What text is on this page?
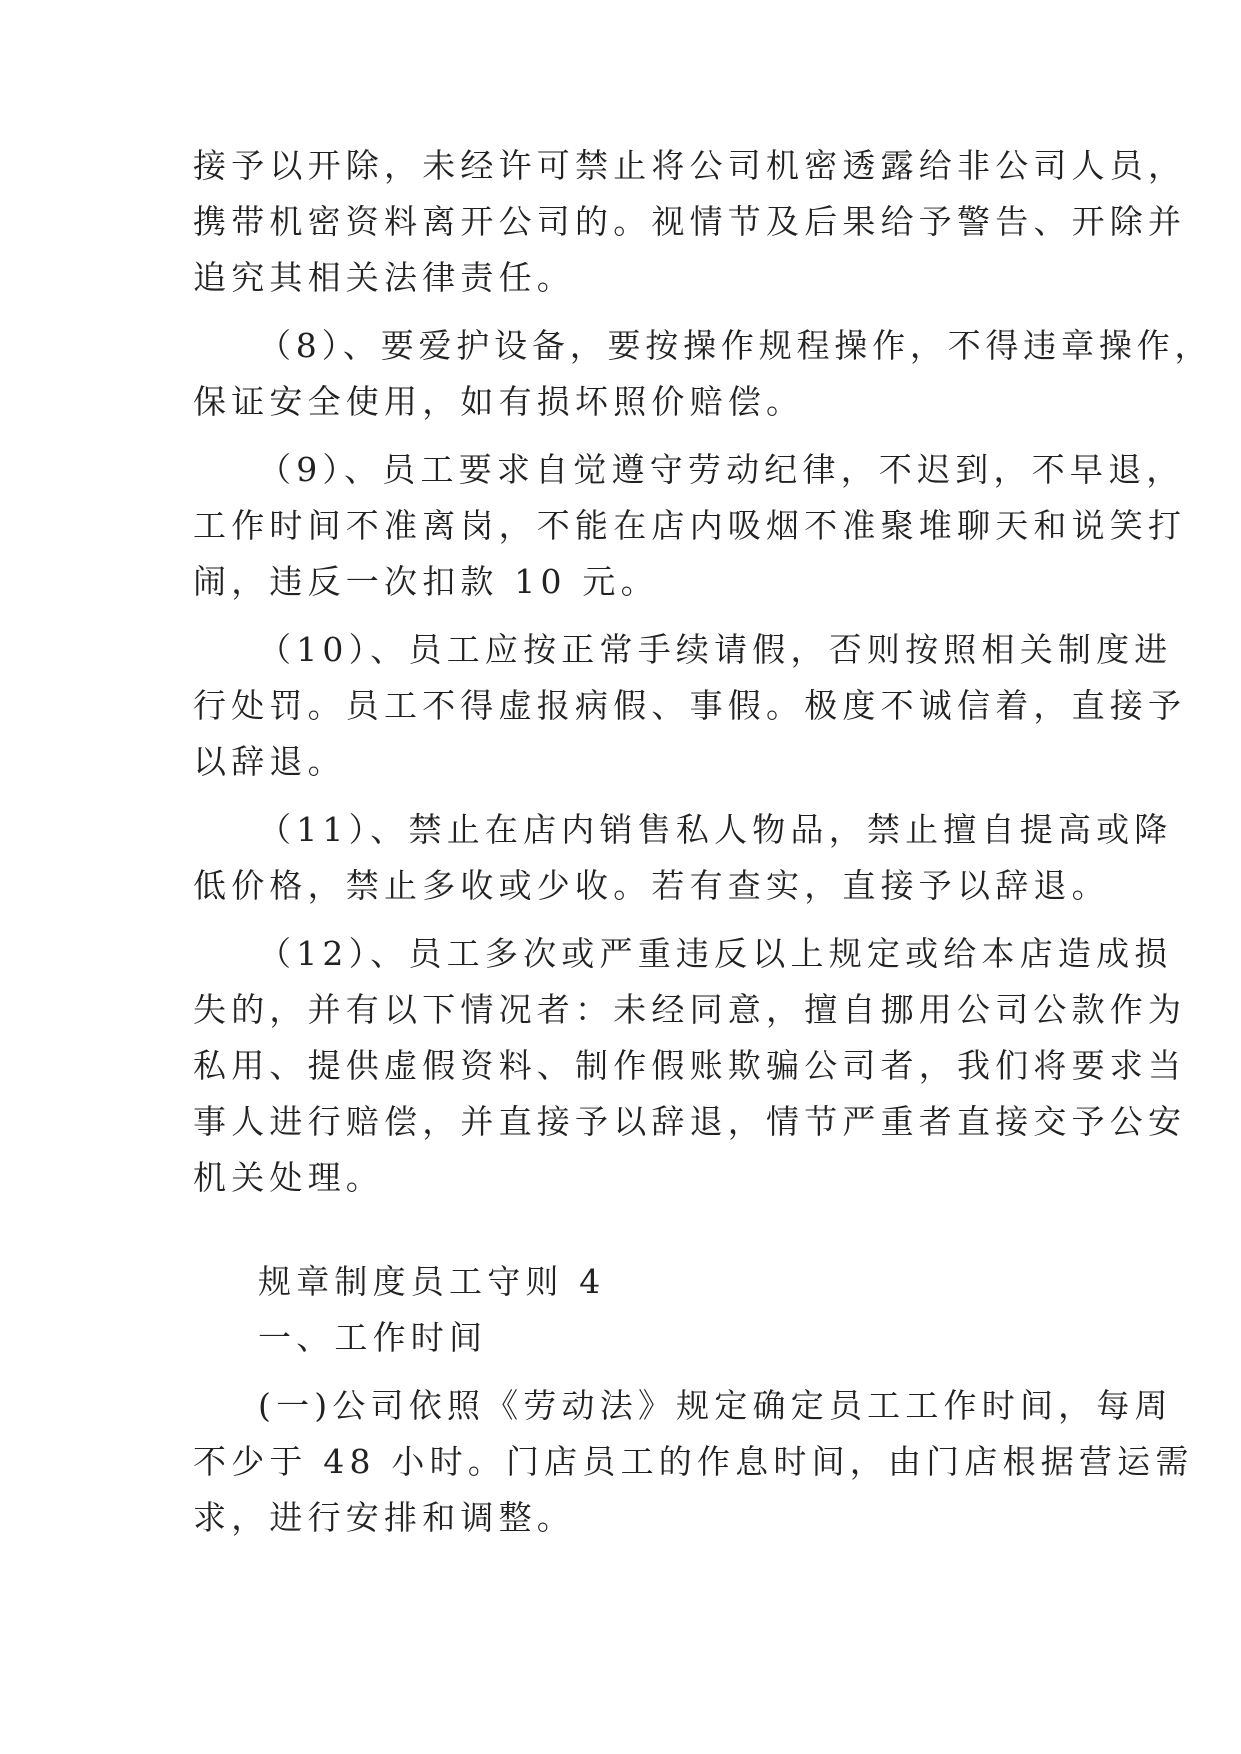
接予以开除，未经许可禁止将公司机密透露给非公司人员，
携带机密资料离开公司的。视情节及后果给予警告、开除并
追究其相关法律责任。
（8）、要爱护设备，要按操作规程操作，不得违章操作，
保证安全使用，如有损坏照价赔偿。
（9）、员工要求自觉遵守劳动纪律，不迟到，不早退，
工作时间不准离岗，不能在店内吸烟不准聚堆聊天和说笑打
闹，违反一次扣款 10 元。
（10）、员工应按正常手续请假，否则按照相关制度进
行处罚。员工不得虚报病假、事假。极度不诚信着，直接予
以辞退。
（11）、禁止在店内销售私人物品，禁止擅自提高或降
低价格，禁止多收或少收。若有查实，直接予以辞退。
（12）、员工多次或严重违反以上规定或给本店造成损
失的，并有以下情况者：未经同意，擅自挪用公司公款作为
私用、提供虚假资料、制作假账欺骗公司者，我们将要求当
事人进行赔偿，并直接予以辞退，情节严重者直接交予公安
机关处理。
规章制度员工守则 4
一、工作时间
(一)公司依照《劳动法》规定确定员工工作时间，每周
不少于 48 小时。门店员工的作息时间，由门店根据营运需
求，进行安排和调整。
